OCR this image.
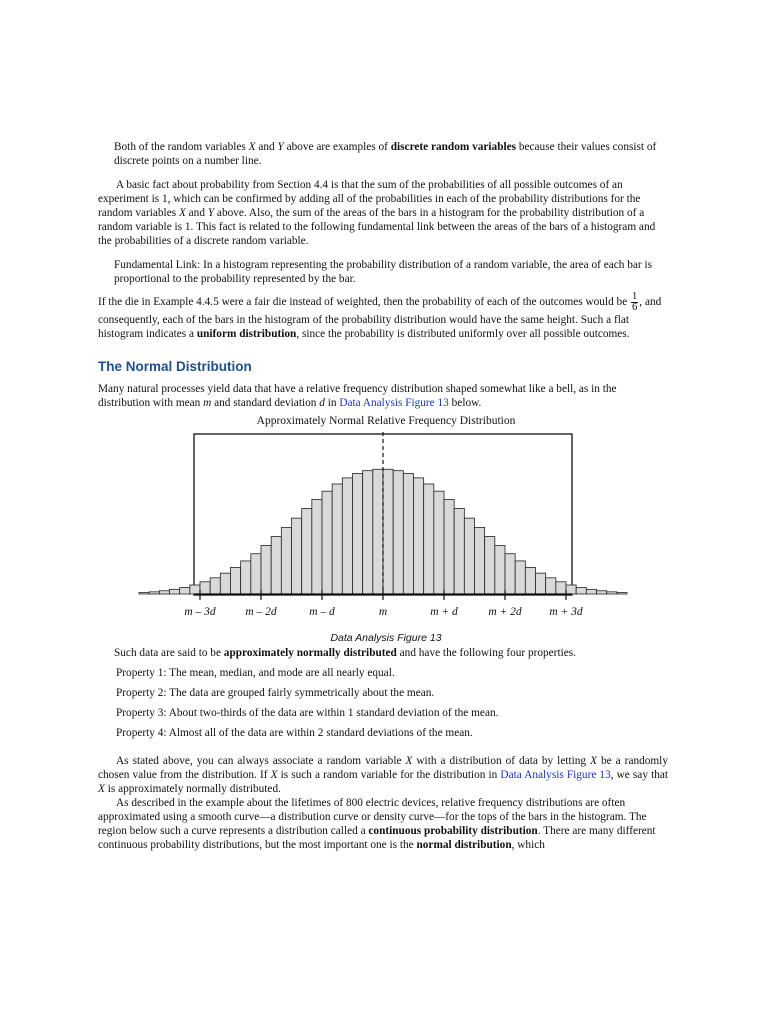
Both of the random variables X and Y above are examples of discrete random variables because their values consist of discrete points on a number line.

A basic fact about probability from Section 4.4 is that the sum of the probabilities of all possible outcomes of an experiment is 1, which can be confirmed by adding all of the probabilities in each of the probability distributions for the random variables X and Y above. Also, the sum of the areas of the bars in a histogram for the probability distribution of a random variable is 1. This fact is related to the following fundamental link between the areas of the bars of a histogram and the probabilities of a discrete random variable.

Fundamental Link: In a histogram representing the probability distribution of a random variable, the area of each bar is proportional to the probability represented by the bar.

If the die in Example 4.4.5 were a fair die instead of weighted, then the probability of each of the outcomes would be $\frac{1}{6}$ , and consequently, each of the bars in the histogram of the probability distribution would have the same height. Such a flat histogram indicates a uniform distribution, since the probability is distributed uniformly over all possible outcomes.

The Normal Distribution

Many natural processes yield data that have a relative frequency distribution shaped somewhat like a bell, as in the distribution with mean m and standard deviation d in Data Analysis Figure 13 below.

Approximately Normal Relative Frequency Distribution
m – 3d	m – 2d	m – d	m	m + d	m + 2d m + 3d
Data Analysis Figure 13

Such data are said to be approximately normally distributed and have the following four properties.

Property 1: The mean, median, and mode are all nearly equal.

Property 2: The data are grouped fairly symmetrically about the mean.

Property 3: About two-thirds of the data are within 1 standard deviation of the mean.

Property 4: Almost all of the data are within 2 standard deviations of the mean.

As stated above, you can always associate a random variable X with a distribution of data by letting X be a randomly chosen value from the distribution. If X is such a random variable for the distribution in Data Analysis Figure 13, we say that X is approximately normally distributed.

As described in the example about the lifetimes of 800 electric devices, relative frequency distributions are often approximated using a smooth curve—a distribution curve or density curve—for the tops of the bars in the histogram. The region below such a curve represents a distribution called a continuous probability distribution. There are many different continuous probability distributions, but the most important one is the normal distribution, which
